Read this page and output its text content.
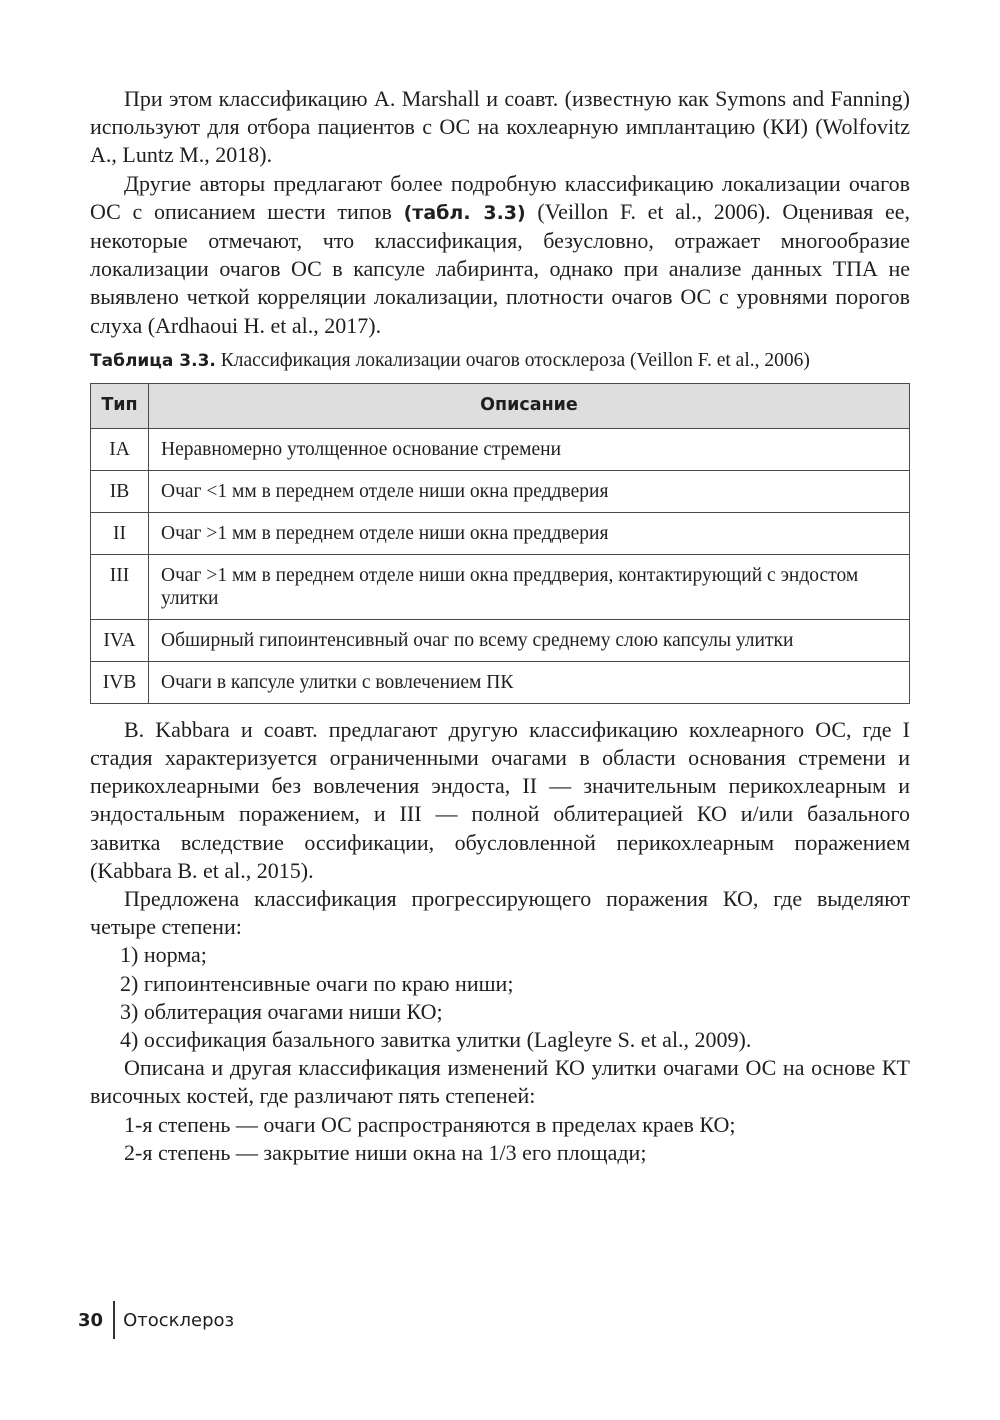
При этом классификацию A. Marshall и соавт. (известную как Symons and Fanning) используют для отбора пациентов с ОС на кохлеарную имплантацию (КИ) (Wolfovitz A., Luntz M., 2018).

Другие авторы предлагают более подробную классификацию локализации очагов ОС с описанием шести типов (табл. 3.3) (Veillon F. et al., 2006). Оценивая ее, некоторые отмечают, что классификация, безусловно, отражает многообразие локализации очагов ОС в капсуле лабиринта, однако при анализе данных ТПА не выявлено четкой корреляции локализации, плотности очагов ОС с уровнями порогов слуха (Ardhaoui H. et al., 2017).

Таблица 3.3. Классификация локализации очагов отосклероза (Veillon F. et al., 2006)
Тип	Описание
IA	Неравномерно утолщенное основание стремени
IB	Очаг <1 мм в переднем отделе ниши окна преддверия
II	Очаг >1 мм в переднем отделе ниши окна преддверия
III	Очаг >1 мм в переднем отделе ниши окна преддверия, контактирующий с эндостом улитки
IVA	Обширный гипоинтенсивный очаг по всему среднему слою капсулы улитки
IVB	Очаги в капсуле улитки с вовлечением ПК

B. Kabbara и соавт. предлагают другую классификацию кохлеарного ОС, где I стадия характеризуется ограниченными очагами в области основания стремени и перикохлеарными без вовлечения эндоста, II — значительным перикохлеарным и эндостальным поражением, и III — полной облитерацией КО и/или базального завитка вследствие оссификации, обусловленной перикохлеарным поражением (Kabbara B. et al., 2015).

Предложена классификация прогрессирующего поражения КО, где выделяют четыре степени:

1) норма;
2) гипоинтенсивные очаги по краю ниши;
3) облитерация очагами ниши КО;
4) оссификация базального завитка улитки (Lagleyre S. et al., 2009).

Описана и другая классификация изменений КО улитки очагами ОС на основе КТ височных костей, где различают пять степеней:

1-я степень — очаги ОС распространяются в пределах краев КО;

2-я степень — закрытие ниши окна на 1/3 его площади;

30	Отосклероз
